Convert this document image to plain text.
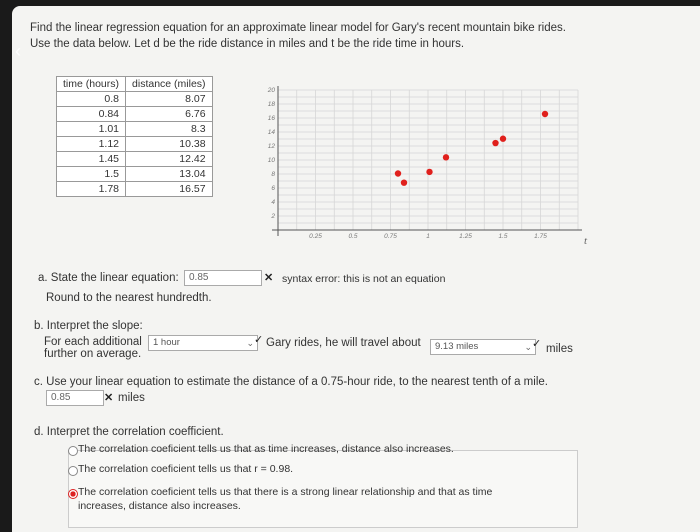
‹
Find the linear regression equation for an approximate linear model for Gary's recent mountain bike rides.
Use the data below. Let d be the ride distance in miles and t be the ride time in hours.
time (hours)	distance (miles)
0.8	8.07
0.84	6.76
1.01	8.3
1.12	10.38
1.45	12.42
1.5	13.04
1.78	16.57
0.25	0.5	0.75	1	1.25	1.5	1.75
2
4
6
8
10
12
14
16
18
20
t
a. State the linear equation:	0.85	✕ syntax error: this is not an equation
Round to the nearest hundredth.
b. Interpret the slope:
For each additional	1 hour	⌄ ✓ Gary rides, he will travel about	9.13 miles	⌄ ✓ miles
further on average.
c. Use your linear equation to estimate the distance of a 0.75-hour ride, to the nearest tenth of a mile.
0.85	✕ miles
d. Interpret the correlation coefficient.
The correlation coeficient tells us that as time increases, distance also increases.
The correlation coeficient tells us that r = 0.98.
The correlation coeficient tells us that there is a strong linear relationship and that as time
increases, distance also increases.
